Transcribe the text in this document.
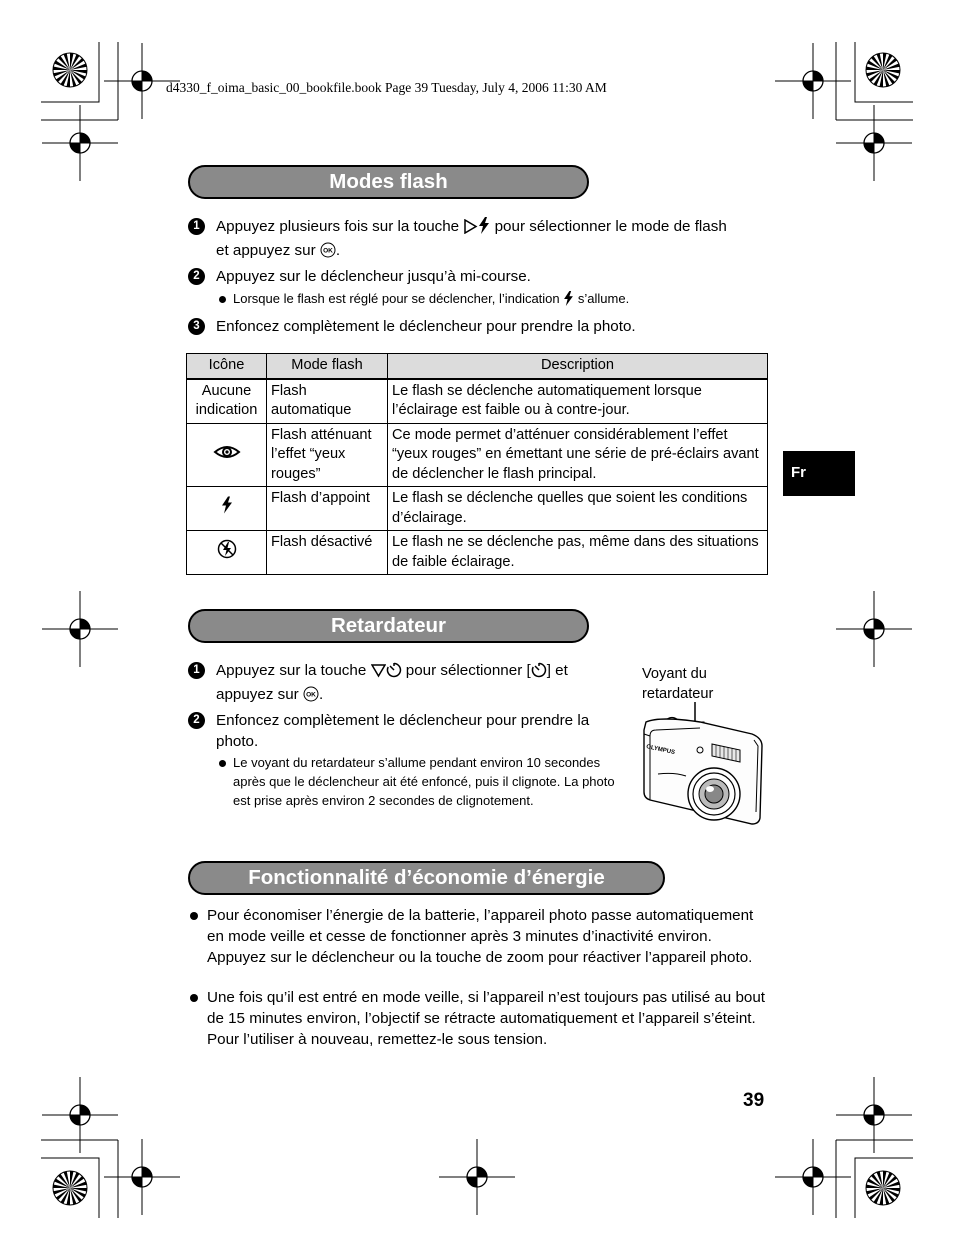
d4330_f_oima_basic_00_bookfile.book Page 39 Tuesday, July 4, 2006 11:30 AM
Modes flash
1	Appuyez plusieurs fois sur la touche pour sélectionner le mode de flash
et appuyez sur OK .
2	Appuyez sur le déclencheur jusqu’à mi-course.
Lorsque le flash est réglé pour se déclencher, l’indication s’allume.
3	Enfoncez complètement le déclencheur pour prendre la photo.
Icône	Mode flash	Description
Aucune indication	Flash automatique	Le flash se déclenche automatiquement lorsque l’éclairage est faible ou à contre-jour.
	Flash atténuant l’effet “yeux rouges”	Ce mode permet d’atténuer considérablement l’effet “yeux rouges” en émettant une série de pré-éclairs avant de déclencher le flash principal.
	Flash d’appoint	Le flash se déclenche quelles que soient les conditions d’éclairage.
	Flash désactivé	Le flash ne se déclenche pas, même dans des situations de faible éclairage.
Fr
Retardateur
1	Appuyez sur la touche	pour sélectionner [ ] et
appuyez sur OK .
2	Enfoncez complètement le déclencheur pour prendre la photo.
Le voyant du retardateur s’allume pendant environ 10 secondes après que le déclencheur ait été enfoncé, puis il clignote. La photo est prise après environ 2 secondes de clignotement.
Voyant du retardateur
OLYMPUS
Fonctionnalité d’économie d’énergie
Pour économiser l’énergie de la batterie, l’appareil photo passe automatiquement en mode veille et cesse de fonctionner après 3 minutes d’inactivité environ. Appuyez sur le déclencheur ou la touche de zoom pour réactiver l’appareil photo.
Une fois qu’il est entré en mode veille, si l’appareil n’est toujours pas utilisé au bout de 15 minutes environ, l’objectif se rétracte automatiquement et l’appareil s’éteint. Pour l’utiliser à nouveau, remettez-le sous tension.
39
